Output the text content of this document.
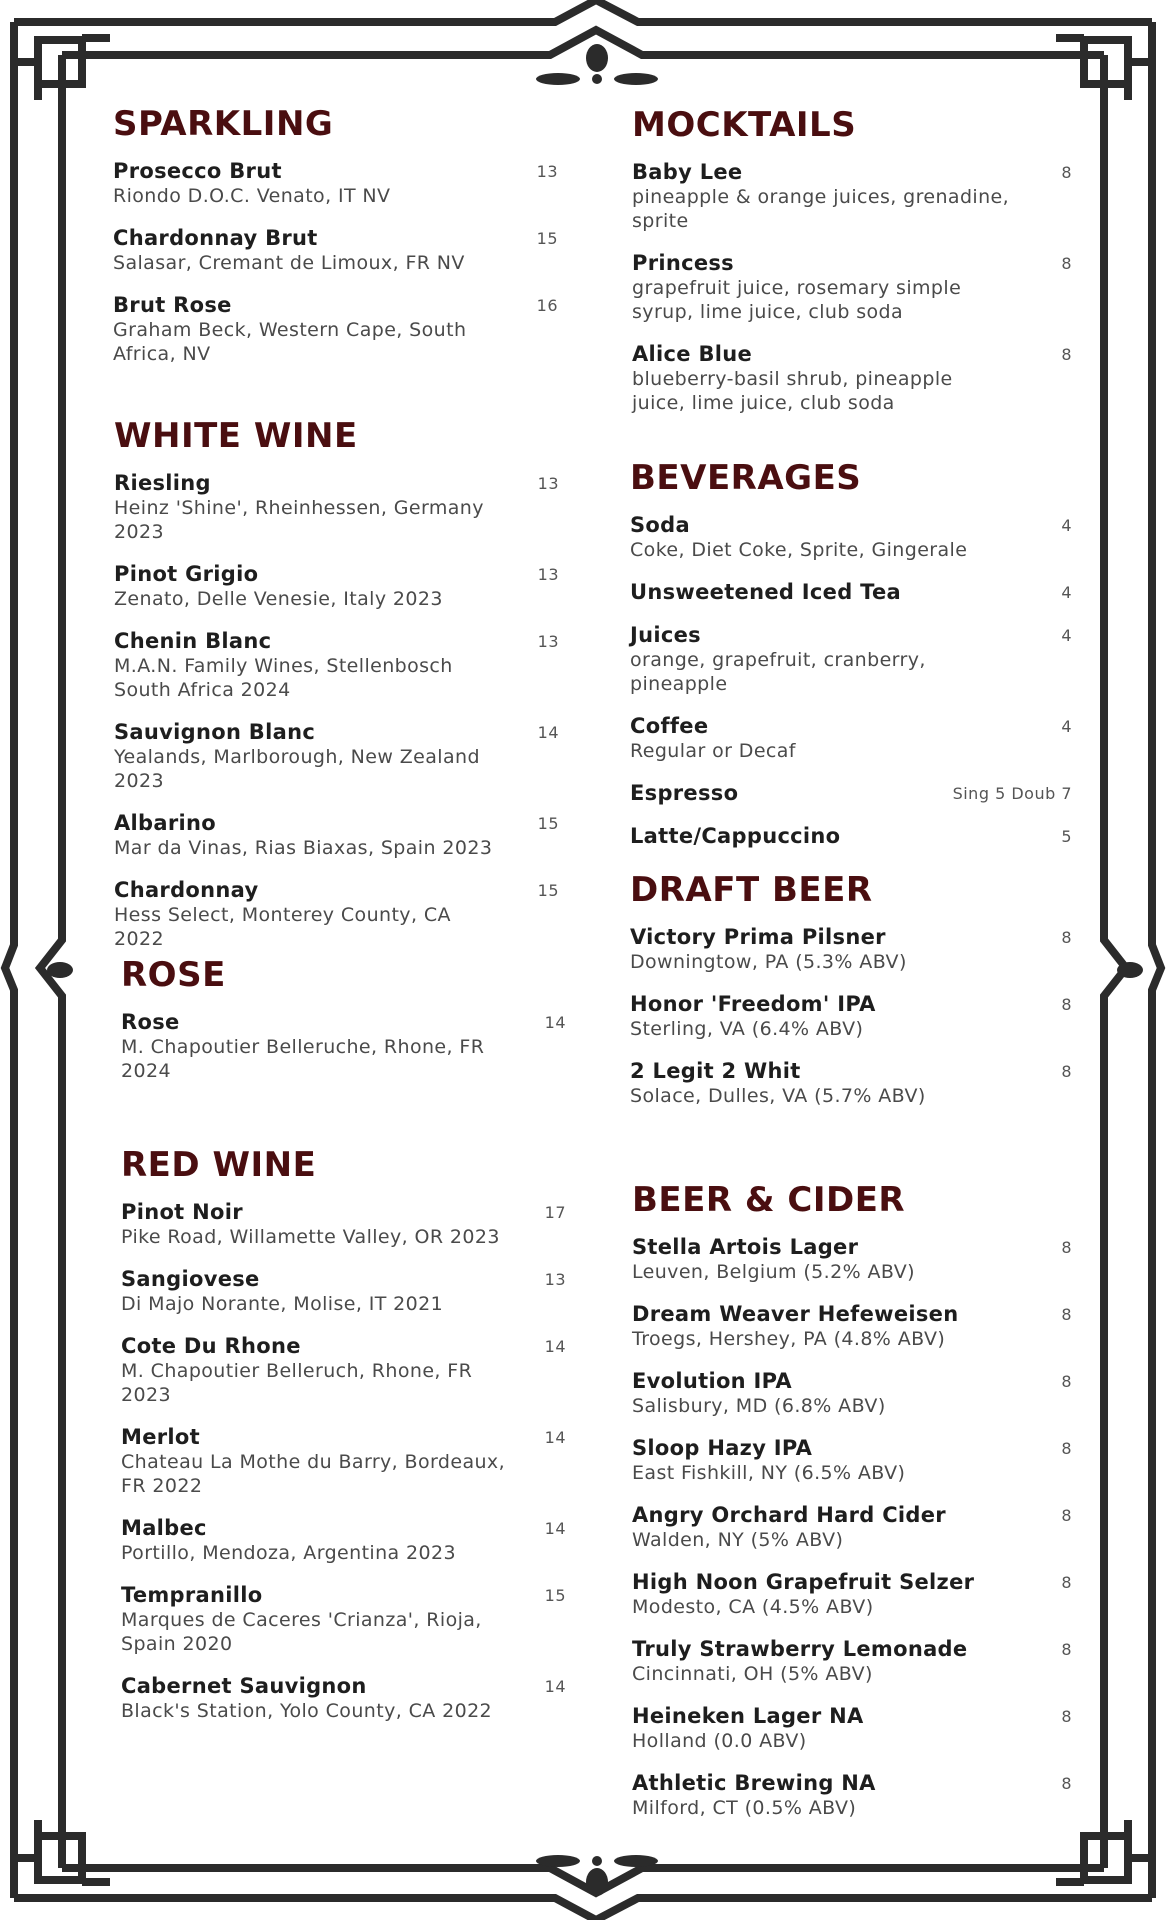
SPARKLING
Prosecco Brut
Riondo D.O.C. Venato, IT NV
13
Chardonnay Brut
Salasar, Cremant de Limoux, FR NV
15
Brut Rose
Graham Beck, Western Cape, South Africa, NV
16
WHITE WINE
Riesling
Heinz 'Shine', Rheinhessen, Germany 2023
13
Pinot Grigio
Zenato, Delle Venesie, Italy 2023
13
Chenin Blanc
M.A.N. Family Wines, Stellenbosch South Africa 2024
13
Sauvignon Blanc
Yealands, Marlborough, New Zealand 2023
14
Albarino
Mar da Vinas, Rias Biaxas, Spain 2023
15
Chardonnay
Hess Select, Monterey County, CA 2022
15
ROSE
Rose
M. Chapoutier Belleruche, Rhone, FR 2024
14
RED WINE
Pinot Noir
Pike Road, Willamette Valley, OR 2023
17
Sangiovese
Di Majo Norante, Molise, IT 2021
13
Cote Du Rhone
M. Chapoutier Belleruch, Rhone, FR 2023
14
Merlot
Chateau La Mothe du Barry, Bordeaux, FR 2022
14
Malbec
Portillo, Mendoza, Argentina 2023
14
Tempranillo
Marques de Caceres 'Crianza', Rioja, Spain 2020
15
Cabernet Sauvignon
Black's Station, Yolo County, CA 2022
14
MOCKTAILS
Baby Lee
pineapple & orange juices, grenadine, sprite
8
Princess
grapefruit juice, rosemary simple syrup, lime juice, club soda
8
Alice Blue
blueberry-basil shrub, pineapple juice, lime juice, club soda
8
BEVERAGES
Soda
Coke, Diet Coke, Sprite, Gingerale
4
Unsweetened Iced Tea	4
Juices
orange, grapefruit, cranberry, pineapple
4
Coffee
Regular or Decaf
4
Espresso	Sing 5 Doub 7
Latte/Cappuccino	5
DRAFT BEER
Victory Prima Pilsner
Downingtow, PA (5.3% ABV)
8
Honor 'Freedom' IPA
Sterling, VA (6.4% ABV)
8
2 Legit 2 Whit
Solace, Dulles, VA (5.7% ABV)
8
BEER & CIDER
Stella Artois Lager
Leuven, Belgium (5.2% ABV)
8
Dream Weaver Hefeweisen
Troegs, Hershey, PA (4.8% ABV)
8
Evolution IPA
Salisbury, MD (6.8% ABV)
8
Sloop Hazy IPA
East Fishkill, NY (6.5% ABV)
8
Angry Orchard Hard Cider
Walden, NY (5% ABV)
8
High Noon Grapefruit Selzer
Modesto, CA (4.5% ABV)
8
Truly Strawberry Lemonade
Cincinnati, OH (5% ABV)
8
Heineken Lager NA
Holland (0.0 ABV)
8
Athletic Brewing NA
Milford, CT (0.5% ABV)
8
